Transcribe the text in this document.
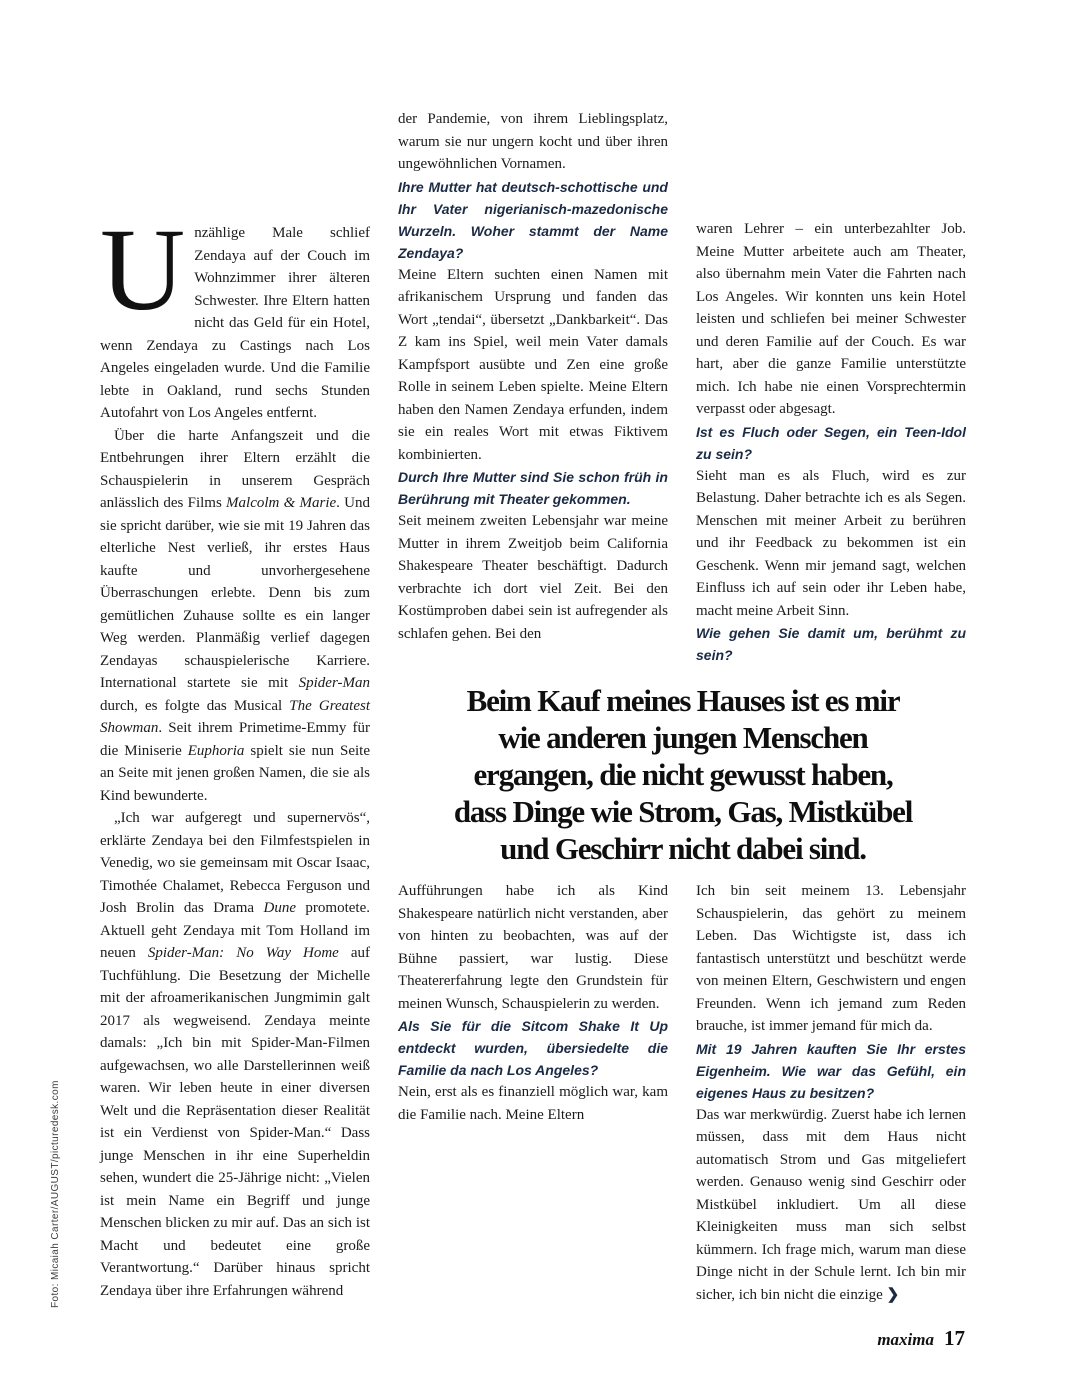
Foto: Micaiah Carter/AUGUST/picturedesk.com

Unzählige Male schlief Zendaya auf der Couch im Wohnzimmer ihrer älteren Schwester. Ihre Eltern hatten nicht das Geld für ein Hotel, wenn Zendaya zu Castings nach Los Angeles eingeladen wurde. Und die Familie lebte in Oakland, rund sechs Stunden Autofahrt von Los Angeles entfernt.

Über die harte Anfangszeit und die Entbehrungen ihrer Eltern erzählt die Schauspielerin in unserem Gespräch anlässlich des Films Malcolm & Marie. Und sie spricht darüber, wie sie mit 19 Jahren das elterliche Nest verließ, ihr erstes Haus kaufte und unvorhergesehene Überraschungen erlebte. Denn bis zum gemütlichen Zuhause sollte es ein langer Weg werden. Planmäßig verlief dagegen Zendayas schauspielerische Karriere. International startete sie mit Spider-Man durch, es folgte das Musical The Greatest Showman. Seit ihrem Primetime-Emmy für die Miniserie Euphoria spielt sie nun Seite an Seite mit jenen großen Namen, die sie als Kind bewunderte.

„Ich war aufgeregt und supernervös“, erklärte Zendaya bei den Filmfestspielen in Venedig, wo sie gemeinsam mit Oscar Isaac, Timothée Chalamet, Rebecca Ferguson und Josh Brolin das Drama Dune promotete. Aktuell geht Zendaya mit Tom Holland im neuen Spider-Man: No Way Home auf Tuchfühlung. Die Besetzung der Michelle mit der afroamerikanischen Jungmimin galt 2017 als wegweisend. Zendaya meinte damals: „Ich bin mit Spider-Man-Filmen aufgewachsen, wo alle Darstellerinnen weiß waren. Wir leben heute in einer diversen Welt und die Repräsentation dieser Realität ist ein Verdienst von Spider-Man.“ Dass junge Menschen in ihr eine Superheldin sehen, wundert die 25-Jährige nicht: „Vielen ist mein Name ein Begriff und junge Menschen blicken zu mir auf. Das an sich ist Macht und bedeutet eine große Verantwortung.“ Darüber hinaus spricht Zendaya über ihre Erfahrungen während

der Pandemie, von ihrem Lieblingsplatz, warum sie nur ungern kocht und über ihren ungewöhnlichen Vornamen.

Ihre Mutter hat deutsch-schottische und Ihr Vater nigerianisch-mazedonische Wurzeln. Woher stammt der Name Zendaya?

Meine Eltern suchten einen Namen mit afrikanischem Ursprung und fanden das Wort „tendai“, übersetzt „Dankbarkeit“. Das Z kam ins Spiel, weil mein Vater damals Kampfsport ausübte und Zen eine große Rolle in seinem Leben spielte. Meine Eltern haben den Namen Zendaya erfunden, indem sie ein reales Wort mit etwas Fiktivem kombinierten.

Durch Ihre Mutter sind Sie schon früh in Berührung mit Theater gekommen.

Seit meinem zweiten Lebensjahr war meine Mutter in ihrem Zweitjob beim California Shakespeare Theater beschäftigt. Dadurch verbrachte ich dort viel Zeit. Bei den Kostümproben dabei sein ist aufregender als schlafen gehen. Bei den

waren Lehrer – ein unterbezahlter Job. Meine Mutter arbeitete auch am Theater, also übernahm mein Vater die Fahrten nach Los Angeles. Wir konnten uns kein Hotel leisten und schliefen bei meiner Schwester und deren Familie auf der Couch. Es war hart, aber die ganze Familie unterstützte mich. Ich habe nie einen Vorsprechtermin verpasst oder abgesagt.

Ist es Fluch oder Segen, ein Teen-Idol zu sein?

Sieht man es als Fluch, wird es zur Belastung. Daher betrachte ich es als Segen. Menschen mit meiner Arbeit zu berühren und ihr Feedback zu bekommen ist ein Geschenk. Wenn mir jemand sagt, welchen Einfluss ich auf sein oder ihr Leben habe, macht meine Arbeit Sinn.

Wie gehen Sie damit um, berühmt zu sein?

Beim Kauf meines Hauses ist es mir
wie anderen jungen Menschen
ergangen, die nicht gewusst haben,
dass Dinge wie Strom, Gas, Mistkübel
und Geschirr nicht dabei sind.

Aufführungen habe ich als Kind Shakespeare natürlich nicht verstanden, aber von hinten zu beobachten, was auf der Bühne passiert, war lustig. Diese Theatererfahrung legte den Grundstein für meinen Wunsch, Schauspielerin zu werden.

Als Sie für die Sitcom Shake It Up entdeckt wurden, übersiedelte die Familie da nach Los Angeles?

Nein, erst als es finanziell möglich war, kam die Familie nach. Meine Eltern

Ich bin seit meinem 13. Lebensjahr Schauspielerin, das gehört zu meinem Leben. Das Wichtigste ist, dass ich fantastisch unterstützt und beschützt werde von meinen Eltern, Geschwistern und engen Freunden. Wenn ich jemand zum Reden brauche, ist immer jemand für mich da.

Mit 19 Jahren kauften Sie Ihr erstes Eigenheim. Wie war das Gefühl, ein eigenes Haus zu besitzen?

Das war merkwürdig. Zuerst habe ich lernen müssen, dass mit dem Haus nicht automatisch Strom und Gas mitgeliefert werden. Genauso wenig sind Geschirr oder Mistkübel inkludiert. Um all diese Kleinigkeiten muss man sich selbst kümmern. Ich frage mich, warum man diese Dinge nicht in der Schule lernt. Ich bin mir sicher, ich bin nicht die einzige ❯

maxima 17
